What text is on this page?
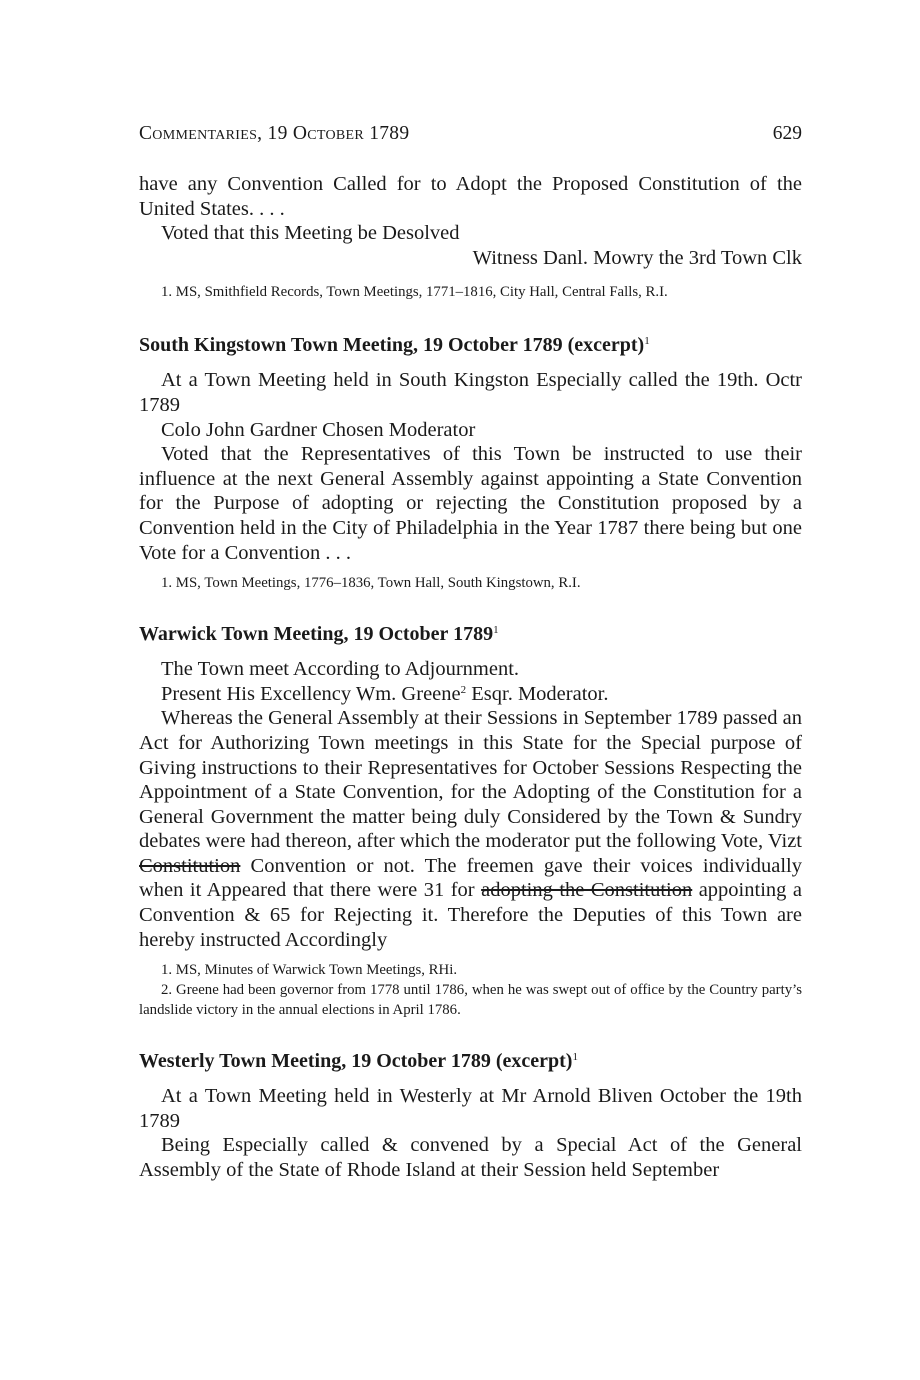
Commentaries, 19 October 1789	629

have any Convention Called for to Adopt the Proposed Constitution of the United States. . . .

Voted that this Meeting be Desolved

Witness Danl. Mowry the 3rd Town Clk

1. MS, Smithfield Records, Town Meetings, 1771–1816, City Hall, Central Falls, R.I.

South Kingstown Town Meeting, 19 October 1789 (excerpt)$^1$

At a Town Meeting held in South Kingston Especially called the 19th. Octr 1789

Colo John Gardner Chosen Moderator

Voted that the Representatives of this Town be instructed to use their influence at the next General Assembly against appointing a State Convention for the Purpose of adopting or rejecting the Constitution proposed by a Convention held in the City of Philadelphia in the Year 1787 there being but one Vote for a Convention . . .

1. MS, Town Meetings, 1776–1836, Town Hall, South Kingstown, R.I.

Warwick Town Meeting, 19 October 1789$^1$

The Town meet According to Adjournment.

Present His Excellency Wm. Greene$^2$ Esqr. Moderator.

Whereas the General Assembly at their Sessions in September 1789 passed an Act for Authorizing Town meetings in this State for the Special purpose of Giving instructions to their Representatives for October Sessions Respecting the Appointment of a State Convention, for the Adopting of the Constitution for a General Government the matter being duly Considered by the Town & Sundry debates were had thereon, after which the moderator put the following Vote, Vizt Constitution Convention or not. The freemen gave their voices individually when it Appeared that there were 31 for adopting the Constitution appointing a Convention & 65 for Rejecting it. Therefore the Deputies of this Town are hereby instructed Accordingly

1. MS, Minutes of Warwick Town Meetings, RHi.

2. Greene had been governor from 1778 until 1786, when he was swept out of office by the Country party’s landslide victory in the annual elections in April 1786.

Westerly Town Meeting, 19 October 1789 (excerpt)$^1$

At a Town Meeting held in Westerly at Mr Arnold Bliven October the 19th 1789

Being Especially called & convened by a Special Act of the General Assembly of the State of Rhode Island at their Session held September
